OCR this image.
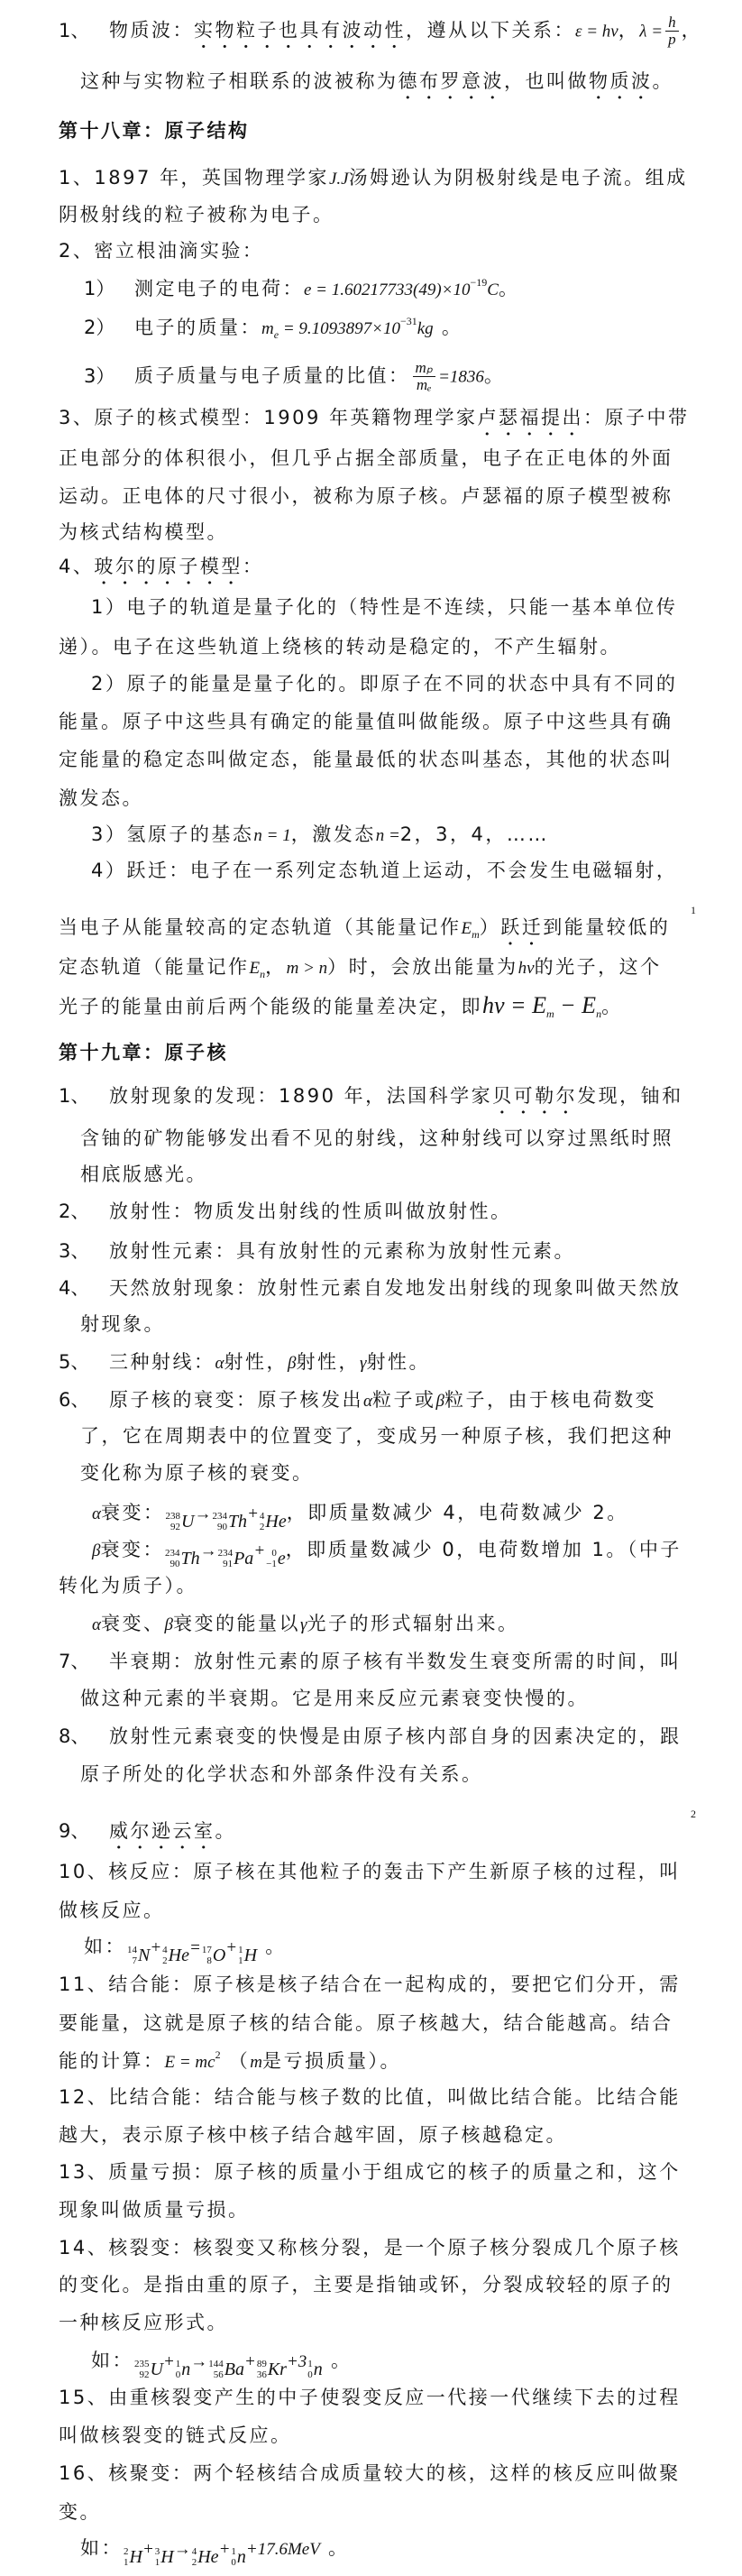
1、 物质波：实物粒子也具有波动性，遵从以下关系：ε = hν，$\lambda = \frac{h}{p}$ ，
这种与实物粒子相联系的波被称为德布罗意波，也叫做物质波。
第十八章：原子结构
1、1897 年，英国物理学家J.J汤姆逊认为阴极射线是电子流。组成
阴极射线的粒子被称为电子。
2、密立根油滴实验：
1） 测定电子的电荷：$e = 1.60217733(49)\times 10^{-19}C$。
2） 电子的质量：$m_e = 9.1093897\times 10^{-31}kg$ 。
3） 质子质量与电子质量的比值： $\frac{\text{mₚ}}{\text{mₑ}} =1836$。
3、原子的核式模型：1909 年英籍物理学家卢瑟福提出：原子中带
正电部分的体积很小，但几乎占据全部质量，电子在正电体的外面
运动。正电体的尺寸很小，被称为原子核。卢瑟福的原子模型被称
为核式结构模型。
4、玻尔的原子模型：
1）电子的轨道是量子化的（特性是不连续，只能一基本单位传
递）。电子在这些轨道上绕核的转动是稳定的，不产生辐射。
2）原子的能量是量子化的。即原子在不同的状态中具有不同的
能量。原子中这些具有确定的能量值叫做能级。原子中这些具有确
定能量的稳定态叫做定态，能量最低的状态叫基态，其他的状态叫
激发态。
3）氢原子的基态n = 1，激发态n =2，3，4，……
4）跃迁：电子在一系列定态轨道上运动，不会发生电磁辐射，
当电子从能量较高的定态轨道（其能量记作$E_m$）跃迁到能量较低的
定态轨道（能量记作$E_n$，m > n）时，会放出能量为hν的光子，这个
光子的能量由前后两个能级的能量差决定，即$h\nu = E_m - E_n$。
第十九章：原子核
1、 放射现象的发现：1890 年，法国科学家贝可勒尔发现，铀和
含铀的矿物能够发出看不见的射线，这种射线可以穿过黑纸时照
相底版感光。
2、 放射性：物质发出射线的性质叫做放射性。
3、 放射性元素：具有放射性的元素称为放射性元素。
4、 天然放射现象：放射性元素自发地发出射线的现象叫做天然放
射现象。
5、 三种射线：α射性，β射性，γ射性。
6、 原子核的衰变：原子核发出α粒子或β粒子，由于核电荷数变
了，它在周期表中的位置变了，变成另一种原子核，我们把这种
变化称为原子核的衰变。
α衰变： 238
92 U → 234
90 Th + 4
2 He ，即质量数减少 4，电荷数减少 2。
β衰变： 234
90 Th → 234
91 Pa + 0
−1 e ，即质量数减少 0，电荷数增加 1。（中子
转化为质子）。
α衰变、β衰变的能量以γ光子的形式辐射出来。
7、 半衰期：放射性元素的原子核有半数发生衰变所需的时间，叫
做这种元素的半衰期。它是用来反应元素衰变快慢的。
8、 放射性元素衰变的快慢是由原子核内部自身的因素决定的，跟
原子所处的化学状态和外部条件没有关系。
9、 威尔逊云室。
10、核反应：原子核在其他粒子的轰击下产生新原子核的过程，叫
做核反应。
如： 14
7 N + 4
2 He = 17
8 O + 1
1 H 。
11、结合能：原子核是核子结合在一起构成的，要把它们分开，需
要能量，这就是原子核的结合能。原子核越大，结合能越高。结合
能的计算：$E = mc^2$ （m是亏损质量）。
12、比结合能：结合能与核子数的比值，叫做比结合能。比结合能
越大，表示原子核中核子结合越牢固，原子核越稳定。
13、质量亏损：原子核的质量小于组成它的核子的质量之和，这个
现象叫做质量亏损。
14、核裂变：核裂变又称核分裂，是一个原子核分裂成几个原子核
的变化。是指由重的原子，主要是指铀或钚，分裂成较轻的原子的
一种核反应形式。
如： 235
92 U + 1
0 n → 144
56 Ba + 89
36 Kr +3 1
0 n 。
15、由重核裂变产生的中子使裂变反应一代接一代继续下去的过程
叫做核裂变的链式反应。
16、核聚变：两个轻核结合成质量较大的核，这样的核反应叫做聚
变。
如： 2
1 H + 3
1 H → 4
2 He + 1
0 n +17.6MeV 。
1
2
